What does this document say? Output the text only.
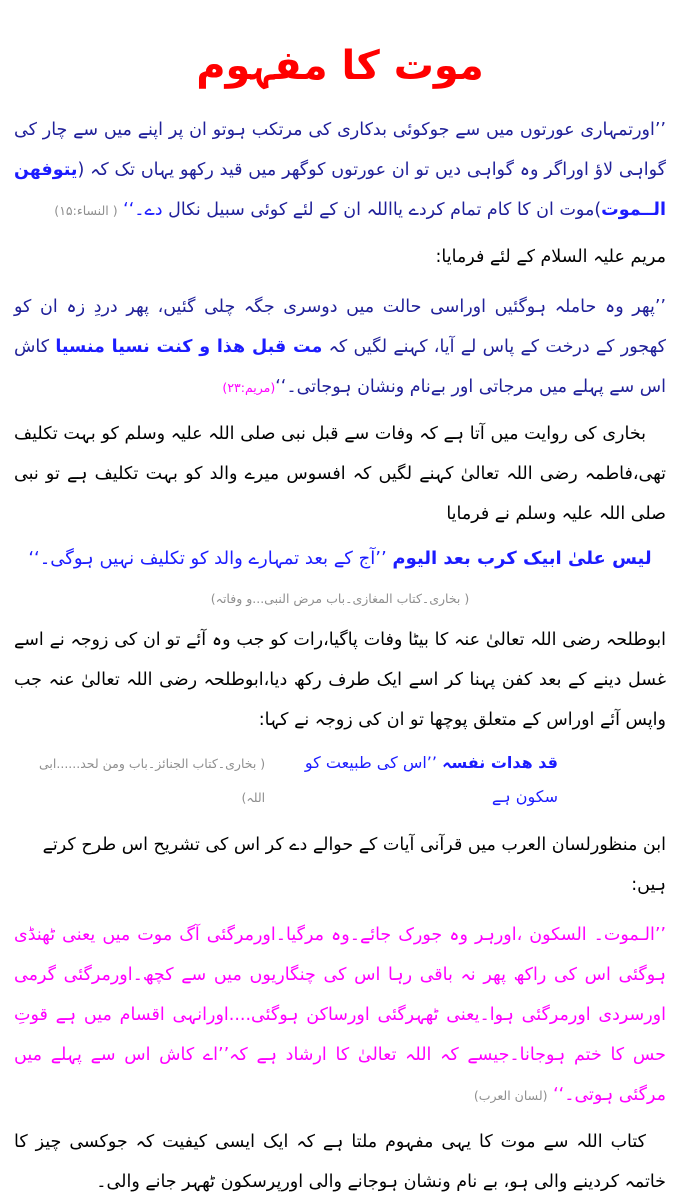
موت کا مفہوم

’’اورتمہاری عورتوں میں سے جوکوئی بدکاری کی مرتکب ہوتو ان پر اپنے میں سے چار کی گواہی لاؤ اوراگر وہ گواہی دیں تو ان عورتوں کوگھر میں قید رکھو یہاں تک کہ (یتوفھن الــموت)موت ان کا کام تمام کردے یااللہ ان کے لئے کوئی سبیل نکال دے۔‘‘ ( النساء:۱۵)

مریم علیہ السلام کے لئے فرمایا:

’’پھر وہ حاملہ ہوگئیں اوراسی حالت میں دوسری جگہ چلی گئیں، پھر دردِ زہ ان کو کھجور کے درخت کے پاس لے آیا، کہنے لگیں کہ مت قبل ھذا و کنت نسیا منسیا کاش اس سے پہلے میں مرجاتی اور بےنام ونشان ہوجاتی۔‘‘(مریم:۲۳)

بخاری کی روایت میں آتا ہے کہ وفات سے قبل نبی صلی اللہ علیہ وسلم کو بہت تکلیف تھی،فاطمہ رضی اللہ تعالیٰ کہنے لگیں کہ افسوس میرے والد کو بہت تکلیف ہے تو نبی صلی اللہ علیہ وسلم نے فرمایا

لیس علیٰ ابیک کرب بعد الیوم ’’آج کے بعد تمہارے والد کو تکلیف نہیں ہوگی۔‘‘

( بخاری۔کتاب المغازی۔باب مرض النبی...و وفاتہ)

ابوطلحہ رضی اللہ تعالیٰ عنہ کا بیٹا وفات پاگیا،رات کو جب وہ آئے تو ان کی زوجہ نے اسے غسل دینے کے بعد کفن پہنا کر اسے ایک طرف رکھ دیا،ابوطلحہ رضی اللہ تعالیٰ عنہ جب واپس آئے اوراس کے متعلق پوچھا تو ان کی زوجہ نے کہا:

قد ھدات نفسہ ’’اس کی طبیعت کو سکون ہے
( بخاری۔کتاب الجنائز۔باب ومن لحد......ابی اللہ)

ابن منظورلسان العرب میں قرآنی آیات کے حوالے دے کر اس کی تشریح اس طرح کرتے ہیں:

’’الـموت۔ السکون ،اورہر وہ جورک جائے۔وہ مرگیا۔اورمرگئی آگ موت میں یعنی ٹھنڈی ہوگئی اس کی راکھ پھر نہ باقی رہا اس کی چنگاریوں میں سے کچھ۔اورمرگئی گرمی اورسردی اورمرگئی ہوا۔یعنی ٹھہرگئی اورساکن ہوگئی....اورانہی اقسام میں ہے قوتِ حس کا ختم ہوجانا۔جیسے کہ اللہ تعالیٰ کا ارشاد ہے کہ’’اے کاش اس سے پہلے میں مرگئی ہوتی۔‘‘ (لسان العرب)

کتاب اللہ سے موت کا یہی مفہوم ملتا ہے کہ ایک ایسی کیفیت کہ جوکسی چیز کا خاتمہ کردینے والی ہو، بے نام ونشان ہوجانے والی اورپرسکون ٹھہر جانے والی۔
